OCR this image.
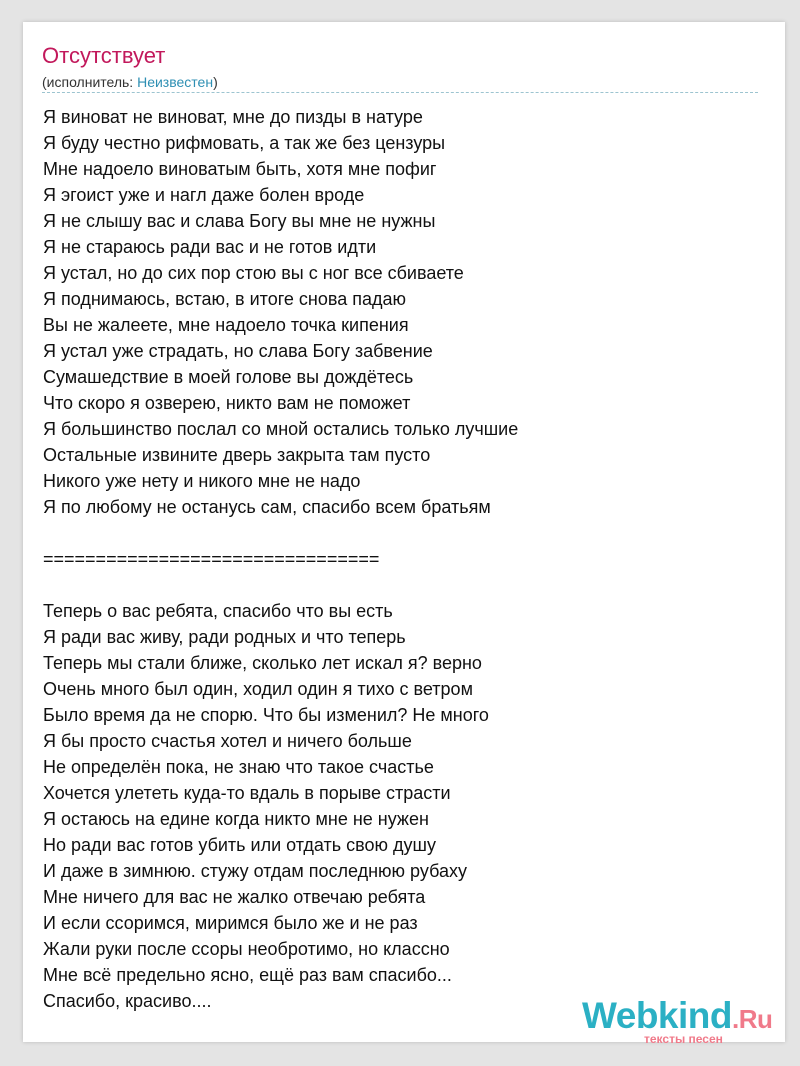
Отсутствует
(исполнитель: Неизвестен)
Я виноват не виноват, мне до пизды в натуре
Я буду честно рифмовать, а так же без цензуры
Мне надоело виноватым быть, хотя мне пофиг
Я эгоист уже и нагл даже болен вроде
Я не слышу вас и слава Богу вы мне не нужны
Я не стараюсь ради вас и не готов идти
Я устал, но до сих пор стою вы с ног все сбиваете
Я поднимаюсь, встаю, в итоге снова падаю
Вы не жалеете, мне надоело точка кипения
Я устал уже страдать, но слава Богу забвение
Сумашедствие в моей голове вы дождётесь
Что скоро я озверею, никто вам не поможет
Я большинство послал со мной остались только лучшие
Остальные извините дверь закрыта там пусто
Никого уже нету и никого мне не надо
Я по любому не останусь сам, спасибо всем братьям
================================
Теперь о вас ребята, спасибо что вы есть
Я ради вас живу, ради родных и что теперь
Теперь мы стали ближе, сколько лет искал я? верно
Очень много был один, ходил один я тихо с ветром
Было время да не спорю. Что бы изменил? Не много
Я бы просто счастья хотел и ничего больше
Не определён пока, не знаю что такое счастье
Хочется улететь куда-то вдаль в порыве страсти
Я остаюсь на едине когда никто мне не нужен
Но ради вас готов убить или отдать свою душу
И даже в зимнюю. стужу отдам последнюю рубаху
Мне ничего для вас не жалко отвечаю ребята
И если ссоримся, миримся было же и не раз
Жали руки после ссоры необротимо, но классно
Мне всё предельно ясно, ещё раз вам спасибо...
Спасибо, красиво....	Webkind.Ru
тексты песен
